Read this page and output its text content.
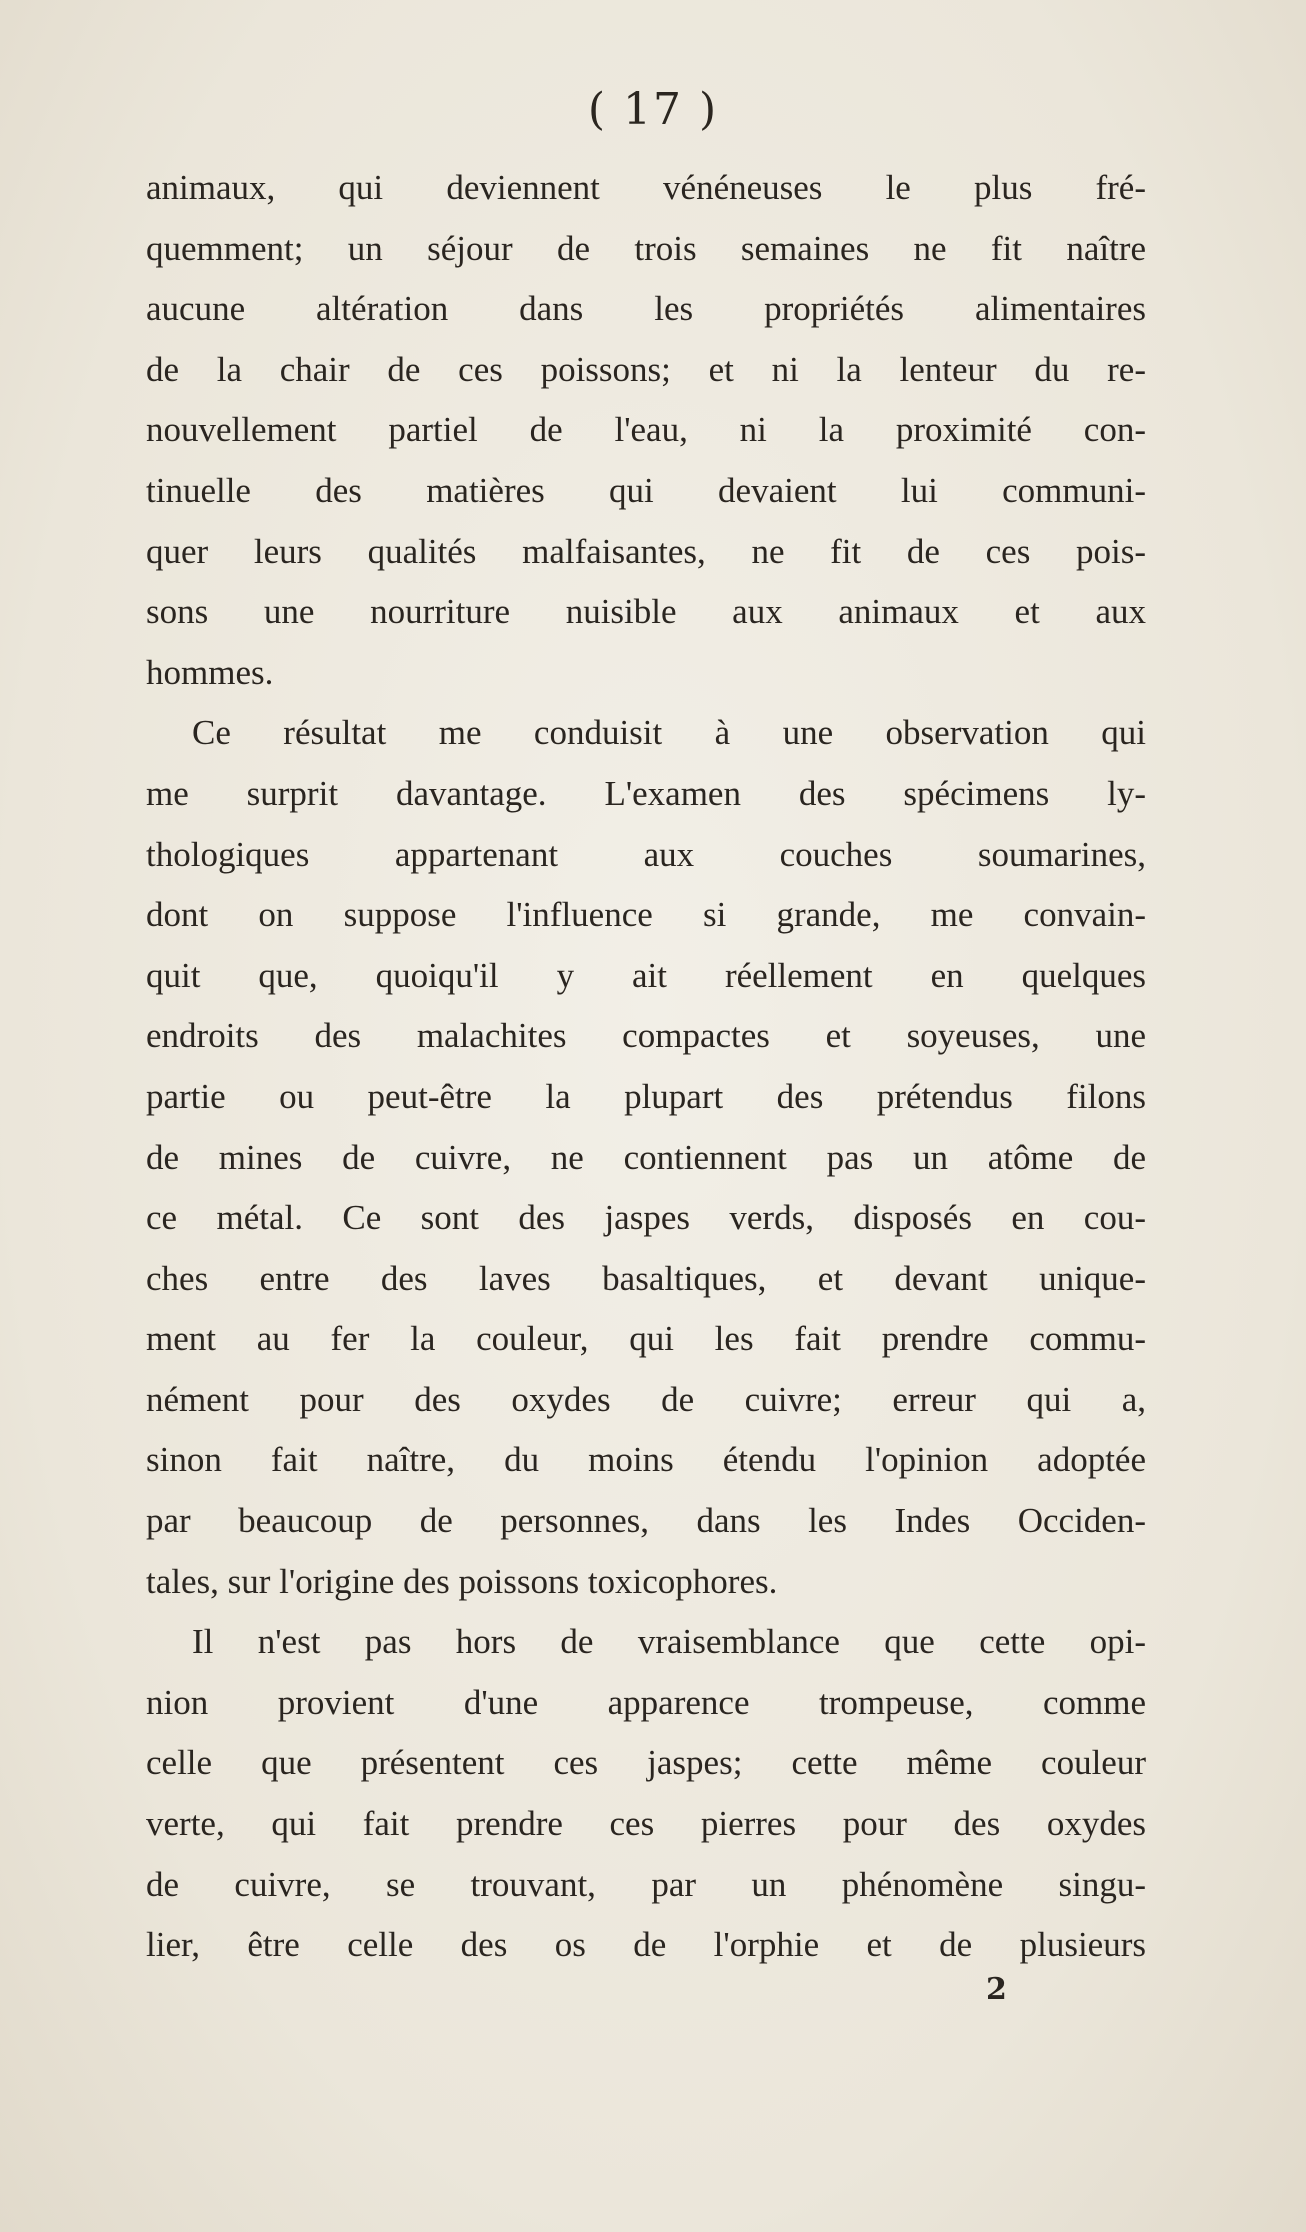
( 17 )
animaux, qui deviennent vénéneuses le plus fré-
quemment; un séjour de trois semaines ne fit naître
aucune altération dans les propriétés alimentaires
de la chair de ces poissons; et ni la lenteur du re-
nouvellement partiel de l'eau, ni la proximité con-
tinuelle des matières qui devaient lui communi-
quer leurs qualités malfaisantes, ne fit de ces pois-
sons une nourriture nuisible aux animaux et aux
hommes.
Ce résultat me conduisit à une observation qui
me surprit davantage. L'examen des spécimens ly-
thologiques appartenant aux couches soumarines,
dont on suppose l'influence si grande, me convain-
quit que, quoiqu'il y ait réellement en quelques
endroits des malachites compactes et soyeuses, une
partie ou peut-être la plupart des prétendus filons
de mines de cuivre, ne contiennent pas un atôme de
ce métal. Ce sont des jaspes verds, disposés en cou-
ches entre des laves basaltiques, et devant unique-
ment au fer la couleur, qui les fait prendre commu-
nément pour des oxydes de cuivre; erreur qui a,
sinon fait naître, du moins étendu l'opinion adoptée
par beaucoup de personnes, dans les Indes Occiden-
tales, sur l'origine des poissons toxicophores.
Il n'est pas hors de vraisemblance que cette opi-
nion provient d'une apparence trompeuse, comme
celle que présentent ces jaspes; cette même couleur
verte, qui fait prendre ces pierres pour des oxydes
de cuivre, se trouvant, par un phénomène singu-
lier, être celle des os de l'orphie et de plusieurs
2
